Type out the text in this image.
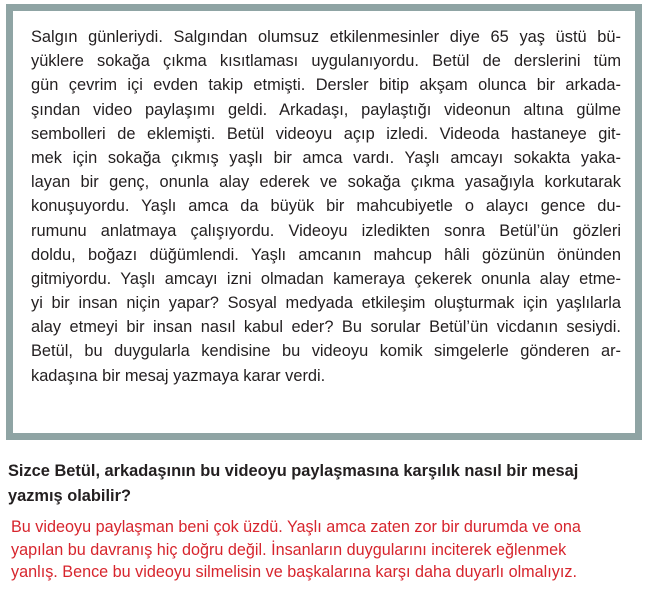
Salgın günleriydi. Salgından olumsuz etkilenmesinler diye 65 yaş üstü bü-
yüklere sokağa çıkma kısıtlaması uygulanıyordu. Betül de derslerini tüm
gün çevrim içi evden takip etmişti. Dersler bitip akşam olunca bir arkada-
şından video paylaşımı geldi. Arkadaşı, paylaştığı videonun altına gülme
sembolleri de eklemişti. Betül videoyu açıp izledi. Videoda hastaneye git-
mek için sokağa çıkmış yaşlı bir amca vardı. Yaşlı amcayı sokakta yaka-
layan bir genç, onunla alay ederek ve sokağa çıkma yasağıyla korkutarak
konuşuyordu. Yaşlı amca da büyük bir mahcubiyetle o alaycı gence du-
rumunu anlatmaya çalışıyordu. Videoyu izledikten sonra Betül’ün gözleri
doldu, boğazı düğümlendi. Yaşlı amcanın mahcup hâli gözünün önünden
gitmiyordu. Yaşlı amcayı izni olmadan kameraya çekerek onunla alay etme-
yi bir insan niçin yapar? Sosyal medyada etkileşim oluşturmak için yaşlılarla
alay etmeyi bir insan nasıl kabul eder? Bu sorular Betül’ün vicdanın sesiydi.
Betül, bu duygularla kendisine bu videoyu komik simgelerle gönderen ar-
kadaşına bir mesaj yazmaya karar verdi.
Sizce Betül, arkadaşının bu videoyu paylaşmasına karşılık nasıl bir mesaj
yazmış olabilir?
Bu videoyu paylaşman beni çok üzdü. Yaşlı amca zaten zor bir durumda ve ona
yapılan bu davranış hiç doğru değil. İnsanların duygularını inciterek eğlenmek
yanlış. Bence bu videoyu silmelisin ve başkalarına karşı daha duyarlı olmalıyız.
